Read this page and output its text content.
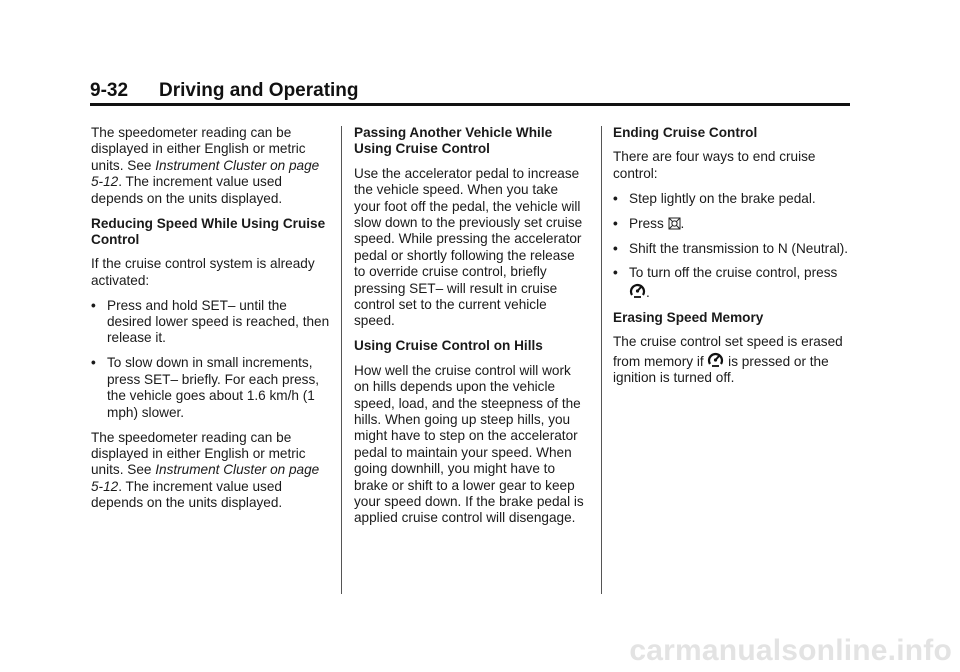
9-32 Driving and Operating

The speedometer reading can be displayed in either English or metric units. See Instrument Cluster on page 5-12. The increment value used depends on the units displayed.

Reducing Speed While Using Cruise Control

If the cruise control system is already activated:

• Press and hold SET– until the desired lower speed is reached, then release it.
• To slow down in small increments, press SET– briefly. For each press, the vehicle goes about 1.6 km/h (1 mph) slower.

The speedometer reading can be displayed in either English or metric units. See Instrument Cluster on page 5-12. The increment value used depends on the units displayed.

Passing Another Vehicle While Using Cruise Control

Use the accelerator pedal to increase the vehicle speed. When you take your foot off the pedal, the vehicle will slow down to the previously set cruise speed. While pressing the accelerator pedal or shortly following the release to override cruise control, briefly pressing SET– will result in cruise control set to the current vehicle speed.

Using Cruise Control on Hills

How well the cruise control will work on hills depends upon the vehicle speed, load, and the steepness of the hills. When going up steep hills, you might have to step on the accelerator pedal to maintain your speed. When going downhill, you might have to brake or shift to a lower gear to keep your speed down. If the brake pedal is applied cruise control will disengage.

Ending Cruise Control

There are four ways to end cruise control:

• Step lightly on the brake pedal.
• Press
.
• Shift the transmission to N (Neutral).
• To turn off the cruise control, press
.

Erasing Speed Memory

The cruise control set speed is erased from memory if
is pressed or the ignition is turned off.

carmanualsonline.info
